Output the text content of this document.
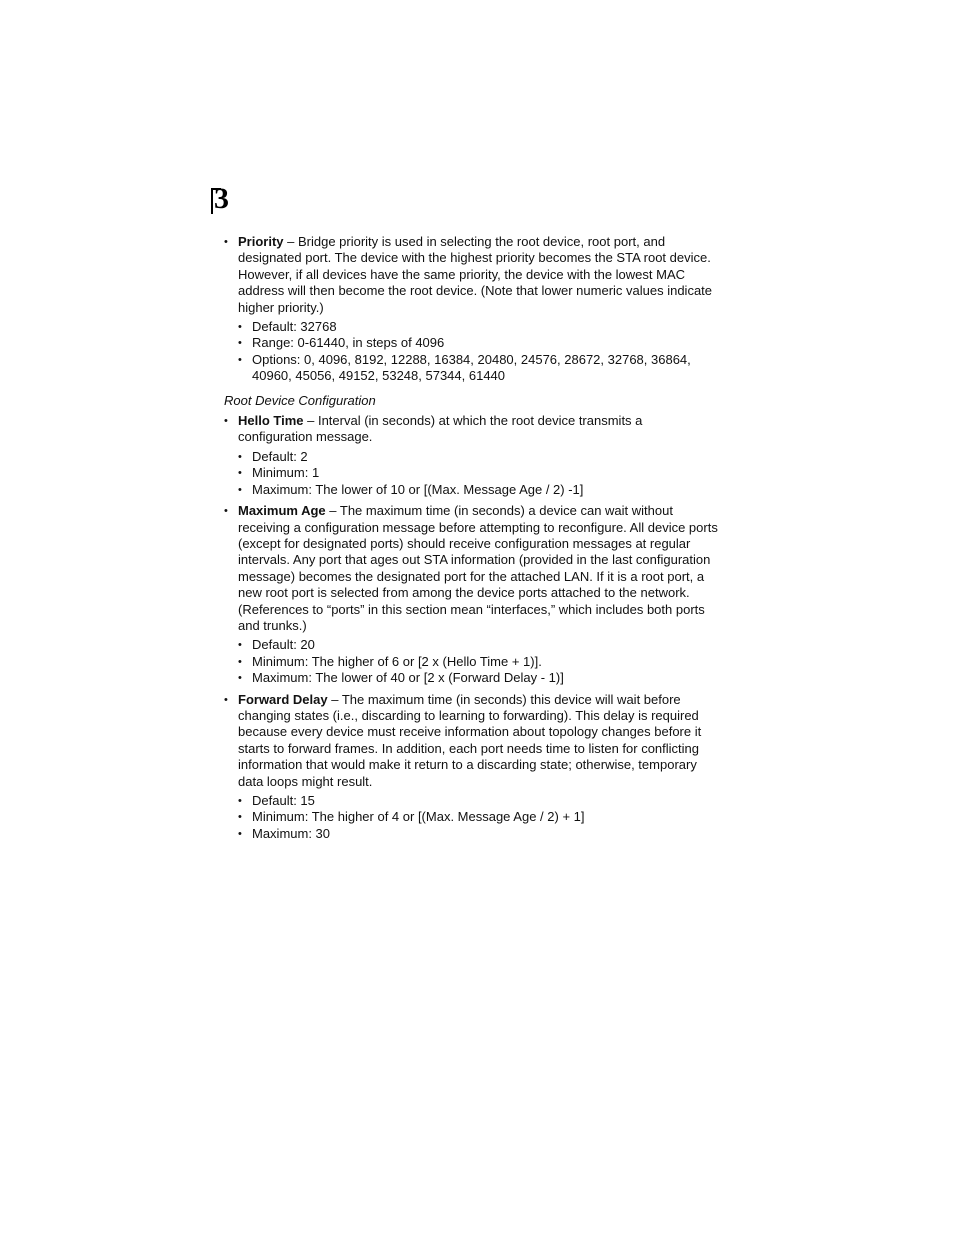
3
• Priority – Bridge priority is used in selecting the root device, root port, and designated port. The device with the highest priority becomes the STA root device. However, if all devices have the same priority, the device with the lowest MAC address will then become the root device. (Note that lower numeric values indicate higher priority.)
• Default: 32768
• Range: 0-61440, in steps of 4096
• Options: 0, 4096, 8192, 12288, 16384, 20480, 24576, 28672, 32768, 36864, 40960, 45056, 49152, 53248, 57344, 61440
Root Device Configuration
• Hello Time – Interval (in seconds) at which the root device transmits a configuration message.
• Default: 2
• Minimum: 1
• Maximum: The lower of 10 or [(Max. Message Age / 2) -1]
• Maximum Age – The maximum time (in seconds) a device can wait without receiving a configuration message before attempting to reconfigure. All device ports (except for designated ports) should receive configuration messages at regular intervals. Any port that ages out STA information (provided in the last configuration message) becomes the designated port for the attached LAN. If it is a root port, a new root port is selected from among the device ports attached to the network. (References to “ports” in this section mean “interfaces,” which includes both ports and trunks.)
• Default: 20
• Minimum: The higher of 6 or [2 x (Hello Time + 1)].
• Maximum: The lower of 40 or [2 x (Forward Delay - 1)]
• Forward Delay – The maximum time (in seconds) this device will wait before changing states (i.e., discarding to learning to forwarding). This delay is required because every device must receive information about topology changes before it starts to forward frames. In addition, each port needs time to listen for conflicting information that would make it return to a discarding state; otherwise, temporary data loops might result.
• Default: 15
• Minimum: The higher of 4 or [(Max. Message Age / 2) + 1]
• Maximum: 30
